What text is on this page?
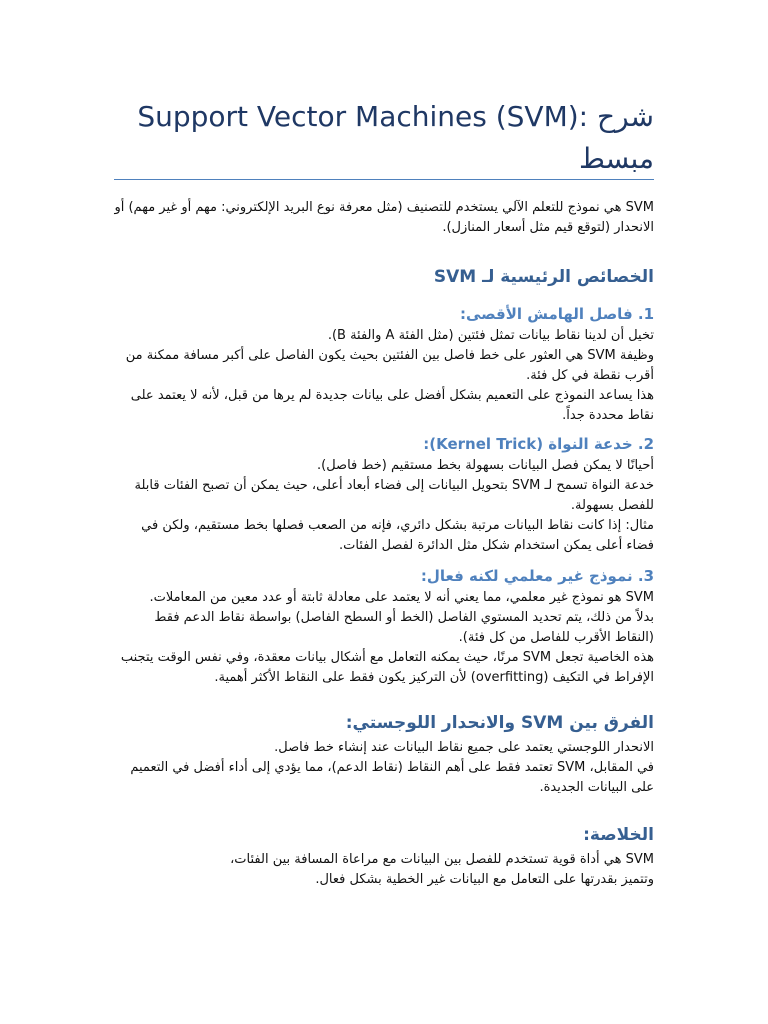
شرح :Support Vector Machines (SVM) مبسط
SVM هي نموذج للتعلم الآلي يستخدم للتصنيف (مثل معرفة نوع البريد الإلكتروني: مهم أو غير مهم) أو الانحدار (لتوقع قيم مثل أسعار المنازل).
الخصائص الرئيسية لـ SVM
1. فاصل الهامش الأقصى:

تخيل أن لدينا نقاط بيانات تمثل فئتين (مثل الفئة A والفئة B).

وظيفة SVM هي العثور على خط فاصل بين الفئتين بحيث يكون الفاصل على أكبر مسافة ممكنة من أقرب نقطة في كل فئة.

هذا يساعد النموذج على التعميم بشكل أفضل على بيانات جديدة لم يرها من قبل، لأنه لا يعتمد على نقاط محددة جداً.

2. خدعة النواة (Kernel Trick):

أحيانًا لا يمكن فصل البيانات بسهولة بخط مستقيم (خط فاصل).

خدعة النواة تسمح لـ SVM بتحويل البيانات إلى فضاء أبعاد أعلى، حيث يمكن أن تصبح الفئات قابلة للفصل بسهولة.

مثال: إذا كانت نقاط البيانات مرتبة بشكل دائري، فإنه من الصعب فصلها بخط مستقيم، ولكن في فضاء أعلى يمكن استخدام شكل مثل الدائرة لفصل الفئات.

3. نموذج غير معلمي لكنه فعال:

SVM هو نموذج غير معلمي، مما يعني أنه لا يعتمد على معادلة ثابتة أو عدد معين من المعاملات.

بدلاً من ذلك، يتم تحديد المستوي الفاصل (الخط أو السطح الفاصل) بواسطة نقاط الدعم فقط (النقاط الأقرب للفاصل من كل فئة).

هذه الخاصية تجعل SVM مرنًا، حيث يمكنه التعامل مع أشكال بيانات معقدة، وفي نفس الوقت يتجنب الإفراط في التكيف (overfitting) لأن التركيز يكون فقط على النقاط الأكثر أهمية.

الفرق بين SVM والانحدار اللوجستي:

الانحدار اللوجستي يعتمد على جميع نقاط البيانات عند إنشاء خط فاصل.

في المقابل، SVM تعتمد فقط على أهم النقاط (نقاط الدعم)، مما يؤدي إلى أداء أفضل في التعميم على البيانات الجديدة.

الخلاصة:

SVM هي أداة قوية تستخدم للفصل بين البيانات مع مراعاة المسافة بين الفئات،

وتتميز بقدرتها على التعامل مع البيانات غير الخطية بشكل فعال.
